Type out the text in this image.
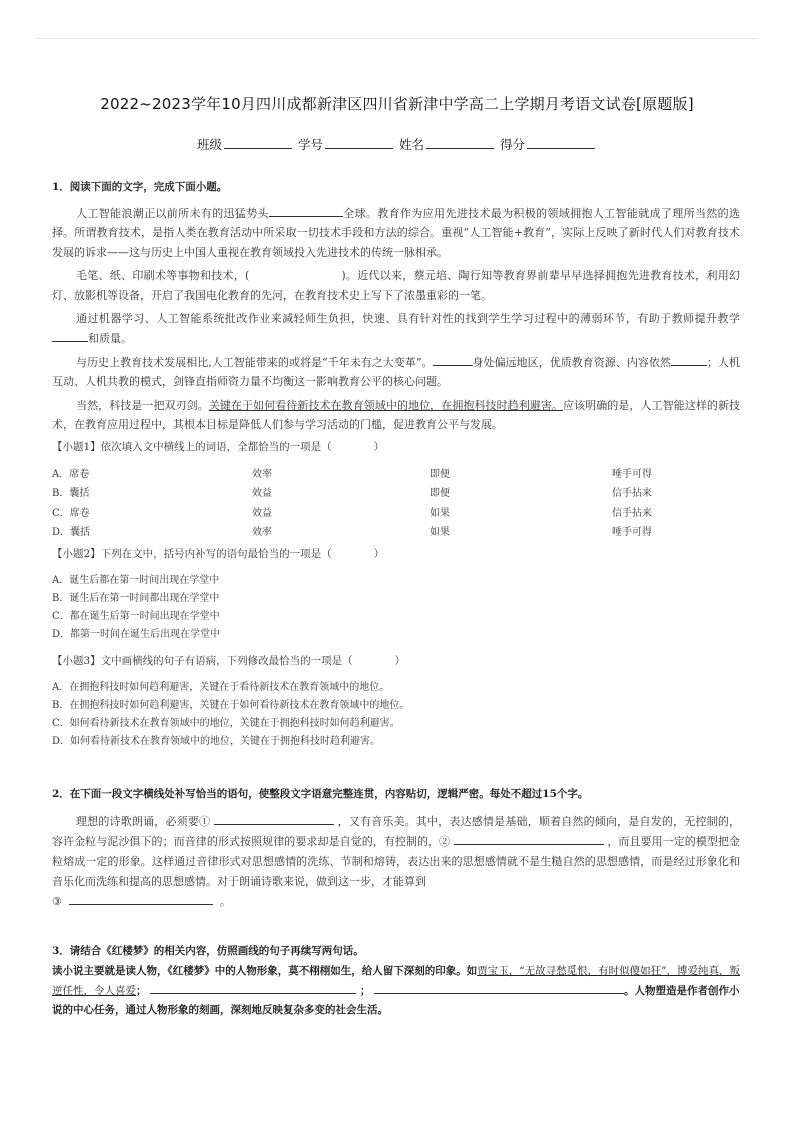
2022~2023学年10月四川成都新津区四川省新津中学高二上学期月考语文试卷[原题版]
班级	学号	姓名	得分
1．阅读下面的文字，完成下面小题。

人工智能浪潮正以前所未有的迅猛势头	全球。教育作为应用先进技术最为积极的领域拥抱人工智能就成了理所当然的选择。所谓教育技术，是指人类在教育活动中所采取一切技术手段和方法的综合。重视“人工智能+教育”，实际上反映了新时代人们对教育技术发展的诉求——这与历史上中国人重视在教育领域投入先进技术的传统一脉相承。

毛笔、纸、印刷术等事物和技术，(	)。近代以来，蔡元培、陶行知等教育界前辈早早选择拥抱先进教育技术，利用幻灯、放影机等设备，开启了我国电化教育的先河，在教育技术史上写下了浓墨重彩的一笔。

通过机器学习、人工智能系统批改作业来减轻师生负担，快速、具有针对性的找到学生学习过程中的薄弱环节，有助于教师提升教学和质量。

与历史上教育技术发展相比,人工智能带来的或将是“千年未有之大变革”。	身处偏远地区，优质教育资源、内容依然	；人机互动、人机共教的模式，剑锋直指师资力量不均衡这一影响教育公平的核心问题。

当然，科技是一把双刃剑。关键在于如何看待新技术在教育领域中的地位，在拥抱科技时趋利避害。应该明确的是，人工智能这样的新技术，在教育应用过程中，其根本目标是降低人们参与学习活动的门槛，促进教育公平与发展。

【小题1】依次填入文中横线上的词语，全都恰当的一项是（　　　　）
A．席卷	效率	即便	唾手可得
B．囊括	效益	即便	信手拈来
C．席卷	效益	如果	信手拈来
D．囊括	效率	如果	唾手可得
【小题2】下列在文中，括号内补写的语句最恰当的一项是（　　　　）
A．诞生后都在第一时间出现在学堂中
B．诞生后在第一时间都出现在学堂中
C．都在诞生后第一时间出现在学堂中
D．都第一时间在诞生后出现在学堂中
【小题3】文中画横线的句子有语病，下列修改最恰当的一项是（　　　　）
A．在拥抱科技时如何趋利避害，关键在于看待新技术在教育领域中的地位。
B．在拥抱科技时如何趋利避害，关键在于如何看待新技术在教育领域中的地位。
C．如何看待新技术在教育领域中的地位，关键在于拥抱科技时如何趋利避害。
D．如何看待新技术在教育领域中的地位，关键在于拥抱科技时趋利避害。
2．在下面一段文字横线处补写恰当的语句，使整段文字语意完整连贯，内容贴切，逻辑严密。每处不超过15个字。

理想的诗歌朗诵，必须要①	，又有音乐美。其中，表达感情是基础，顺着自然的倾向，是自发的，无控制的，容许金粒与泥沙俱下的；而音律的形式按照规律的要求却是自觉的，有控制的，②	，而且要用一定的模型把金粒熔成一定的形象。这样通过音律形式对思想感情的洗练、节制和熔铸，表达出来的思想感情就不是生糙自然的思想感情，而是经过形象化和音乐化而洗练和提高的思想感情。对于朗诵诗歌来说，做到这一步，才能算到

③	。
3．请结合《红楼梦》的相关内容，仿照画线的句子再续写两句话。
读小说主要就是读人物，《红楼梦》中的人物形象，莫不栩栩如生，给人留下深刻的印象。如贾宝玉，“无故寻愁觅恨，有时似傻如狂”，博爱纯真，叛逆任性，令人喜爱；	；	。人物塑造是作者创作小说的中心任务，通过人物形象的刻画，深刻地反映复杂多变的社会生活。
